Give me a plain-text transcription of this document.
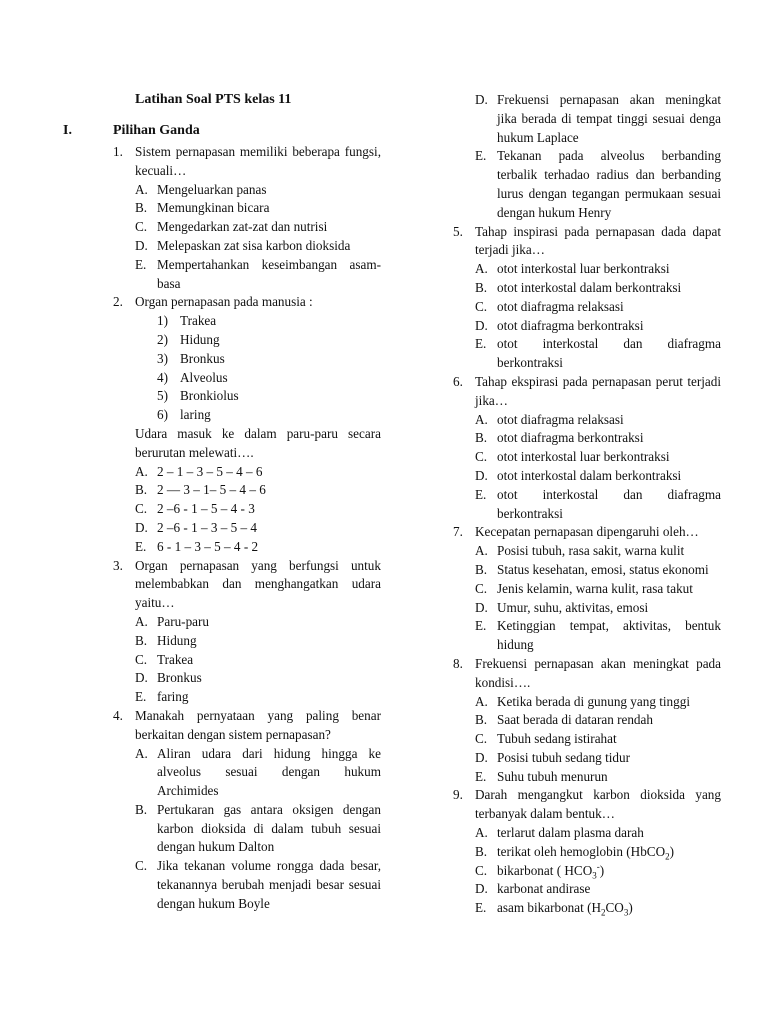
Latihan Soal PTS kelas 11
I.	Pilihan Ganda
1. Sistem pernapasan memiliki beberapa fungsi, kecuali…
A. Mengeluarkan panas
B. Memungkinan bicara
C. Mengedarkan zat-zat dan nutrisi
D. Melepaskan zat sisa karbon dioksida
E. Mempertahankan keseimbangan asam-basa
2. Organ pernapasan pada manusia :
1) Trakea
2) Hidung
3) Bronkus
4) Alveolus
5) Bronkiolus
6) laring
Udara masuk ke dalam paru-paru secara berurutan melewati….
A. 2 – 1 – 3 – 5 – 4 – 6
B. 2 — 3 – 1– 5 – 4 – 6
C. 2 –6 - 1 – 5 – 4 - 3
D. 2 –6 - 1 – 3 – 5 – 4
E. 6 - 1 – 3 – 5 – 4 - 2
3. Organ pernapasan yang berfungsi untuk melembabkan dan menghangatkan udara yaitu…
A. Paru-paru
B. Hidung
C. Trakea
D. Bronkus
E. faring
4. Manakah pernyataan yang paling benar berkaitan dengan sistem pernapasan?
A. Aliran udara dari hidung hingga ke alveolus sesuai dengan hukum Archimides
B. Pertukaran gas antara oksigen dengan karbon dioksida di dalam tubuh sesuai dengan hukum Dalton
C. Jika tekanan volume rongga dada besar, tekanannya berubah menjadi besar sesuai dengan hukum Boyle
D. Frekuensi pernapasan akan meningkat jika berada di tempat tinggi sesuai denga hukum Laplace
E. Tekanan pada alveolus berbanding terbalik terhadao radius dan berbanding lurus dengan tegangan permukaan sesuai dengan hukum Henry
5. Tahap inspirasi pada pernapasan dada dapat terjadi jika…
A. otot interkostal luar berkontraksi
B. otot interkostal dalam berkontraksi
C. otot diafragma relaksasi
D. otot diafragma berkontraksi
E. otot interkostal dan diafragma berkontraksi
6. Tahap ekspirasi pada pernapasan perut terjadi jika…
A. otot diafragma relaksasi
B. otot diafragma berkontraksi
C. otot interkostal luar berkontraksi
D. otot interkostal dalam berkontraksi
E. otot interkostal dan diafragma berkontraksi
7. Kecepatan pernapasan dipengaruhi oleh…
A. Posisi tubuh, rasa sakit, warna kulit
B. Status kesehatan, emosi, status ekonomi
C. Jenis kelamin, warna kulit, rasa takut
D. Umur, suhu, aktivitas, emosi
E. Ketinggian tempat, aktivitas, bentuk hidung
8. Frekuensi pernapasan akan meningkat pada kondisi….
A. Ketika berada di gunung yang tinggi
B. Saat berada di dataran rendah
C. Tubuh sedang istirahat
D. Posisi tubuh sedang tidur
E. Suhu tubuh menurun
9. Darah mengangkut karbon dioksida yang terbanyak dalam bentuk…
A. terlarut dalam plasma darah
B. terikat oleh hemoglobin (HbCO$_2$)
C. bikarbonat ( $HCO_3^-$)
D. karbonat andirase
E. asam bikarbonat $(H_2CO_3)$
